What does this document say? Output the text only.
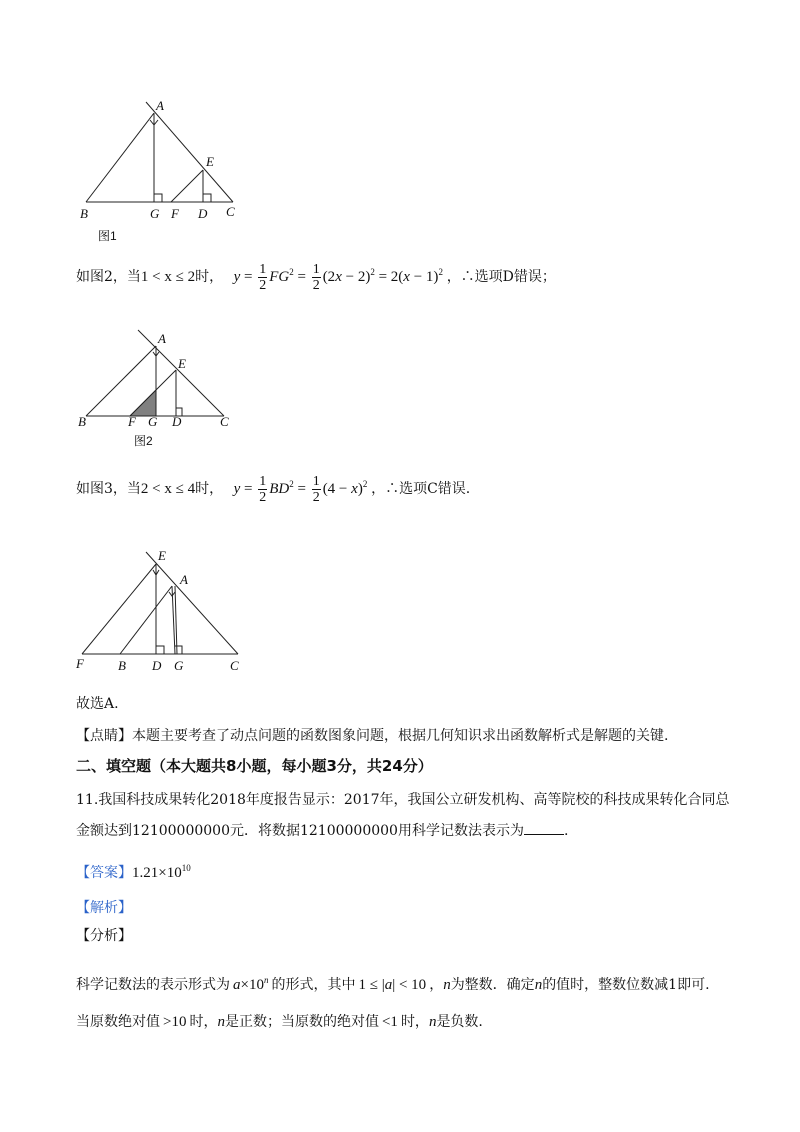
A
E
B	G F D C
图1
如图2，当1 < x ≤ 2时， $y = \frac{1}{2} FG^2 = \frac{1}{2} (2x - 2)^2 = 2(x - 1)^2$ ，∴选项D错误；
A
E
B	F G D	C
图2
如图3，当2 < x ≤ 4时， $y = \frac{1}{2} BD^2 = \frac{1}{2} (4 - x)^2$ ，∴选项C错误.
E
A
F	B D G	C
故选A.
【点睛】本题主要考查了动点问题的函数图象问题，根据几何知识求出函数解析式是解题的关键.
二、填空题（本大题共8小题，每小题3分，共24分）
11.我国科技成果转化2018年度报告显示：2017年，我国公立研发机构、高等院校的科技成果转化合同总
金额达到12100000000元．将数据12100000000用科学记数法表示为	.
【答案】$1.21\times 10^{10}$
【解析】
【分析】
科学记数法的表示形式为 $a\times 10^n$ 的形式，其中 1 ≤ |a| < 10 ，n为整数．确定n的值时，整数位数减1即可.
当原数绝对值 >10 时，n是正数；当原数的绝对值 <1 时，n是负数.
